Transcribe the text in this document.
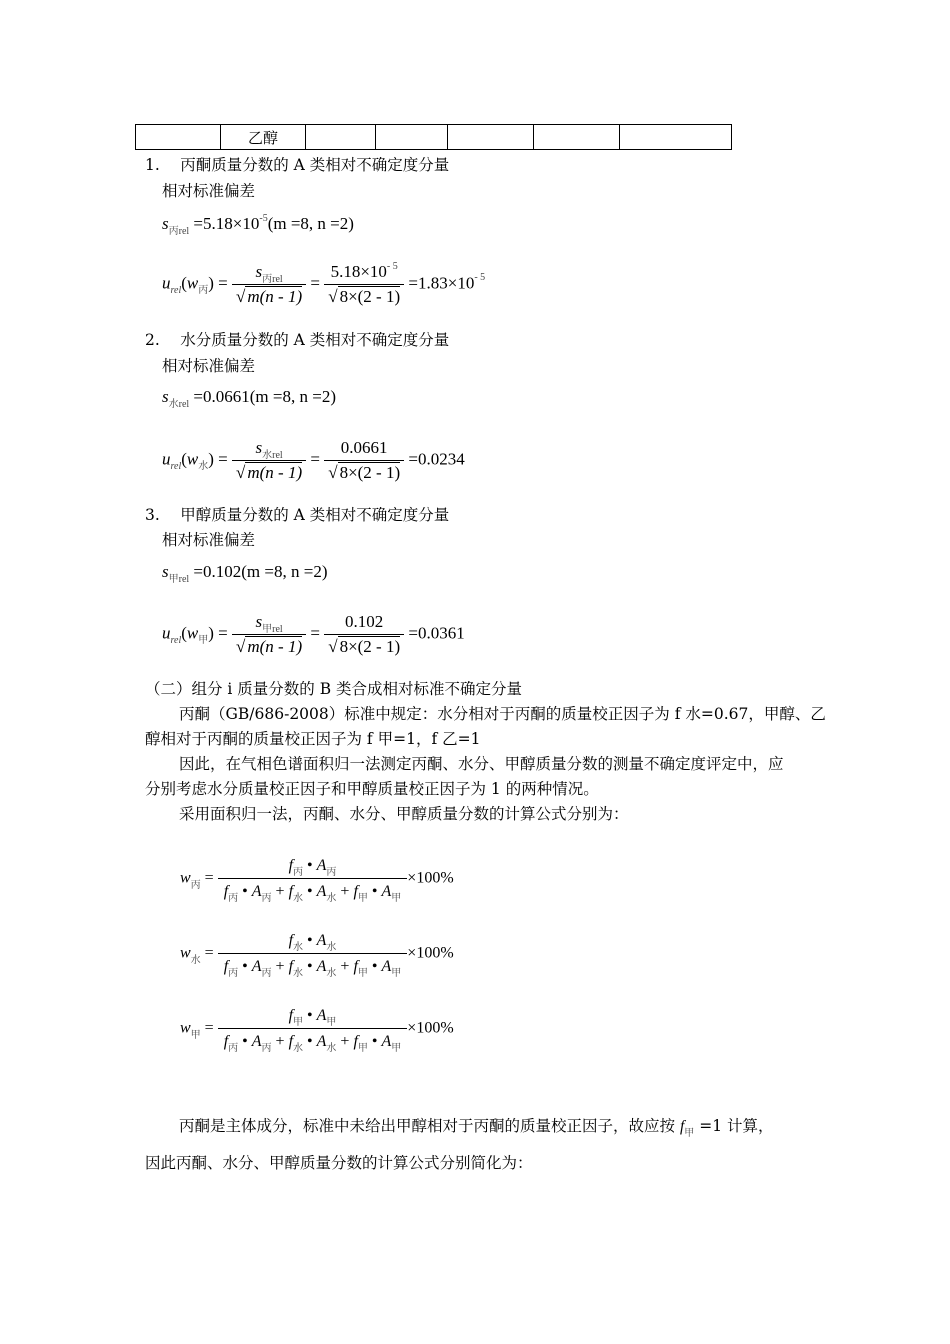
	乙醇					
1.　 丙酮质量分数的 A 类相对不确定度分量
相对标准偏差
$s_{丙rel} =5.18\times 10^{-5}(m =8$, n =2)
$u_{rel}(w_丙) = \frac{s_{丙rel}}{√ m(n - 1)} = \frac{5.18\times 10^{- 5}}{√ 8\times(2 - 1)} =1.83\times 10^{- 5}$
2.　 水分质量分数的 A 类相对不确定度分量
相对标准偏差
$s_{水rel} =0.0661(m =8$, n =2)
$u_{rel}(w_水) = \frac{s_{水rel}}{√ m(n - 1)} = \frac{0.0661}{√ 8\times(2 - 1)} =0.0234$
3.　 甲醇质量分数的 A 类相对不确定度分量
相对标准偏差
$s_{甲rel} =0.102(m =8$, n =2)
$u_{rel}(w_甲) = \frac{s_{甲rel}}{√ m(n - 1)} = \frac{0.102}{√ 8\times(2 - 1)} =0.0361$
（二）组分 i 质量分数的 B 类合成相对标准不确定分量
丙酮（GB/686-2008）标准中规定：水分相对于丙酮的质量校正因子为 f 水=0.67，甲醇、乙
醇相对于丙酮的质量校正因子为 f 甲=1，f 乙=1
因此，在气相色谱面积归一法测定丙酮、水分、甲醇质量分数的测量不确定度评定中，应
分别考虑水分质量校正因子和甲醇质量校正因子为 1 的两种情况。
采用面积归一法，丙酮、水分、甲醇质量分数的计算公式分别为：
$w_丙 = \frac{f_丙 • A_丙}{f_丙 • A_丙 + f_水 • A_水 + f_甲 • A_甲} \times 100\%$
$w_水 = \frac{f_水 • A_水}{f_丙 • A_丙 + f_水 • A_水 + f_甲 • A_甲} \times 100\%$
$w_甲 = \frac{f_甲 • A_甲}{f_丙 • A_丙 + f_水 • A_水 + f_甲 • A_甲} \times 100\%$
丙酮是主体成分，标准中未给出甲醇相对于丙酮的质量校正因子，故应按 $f_甲 =1$ 计算，
因此丙酮、水分、甲醇质量分数的计算公式分别简化为：
